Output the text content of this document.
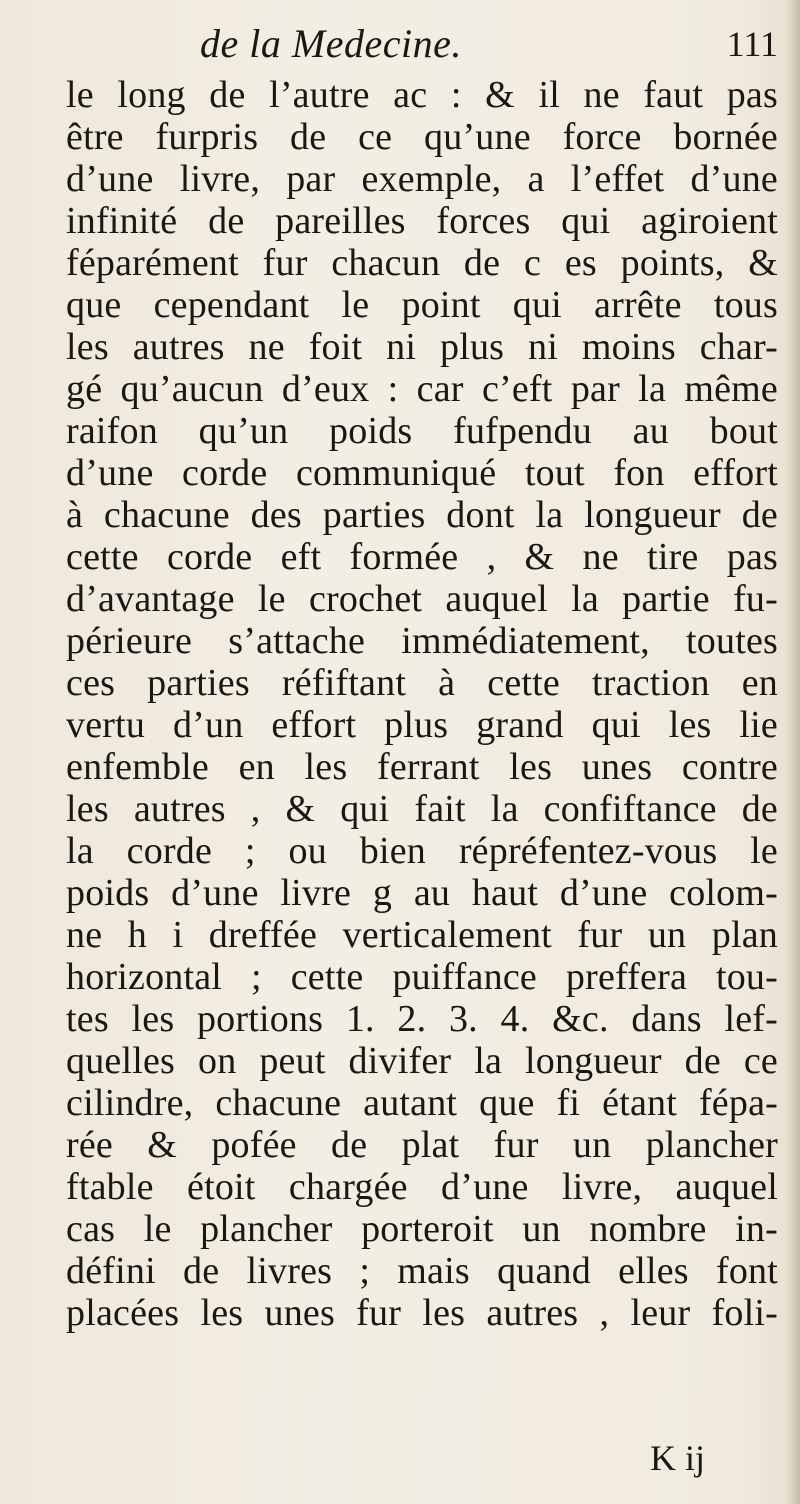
de la Medecine.	111
le long de l’autre ac : & il ne faut pas
être furpris de ce qu’une force bornée
d’une livre, par exemple, a l’effet d’une
infinité de pareilles forces qui agiroient
féparément fur chacun de c es points, &
que cependant le point qui arrête tous
les autres ne foit ni plus ni moins char-
gé qu’aucun d’eux : car c’eft par la même
raifon qu’un poids fufpendu au bout
d’une corde communiqué tout fon effort
à chacune des parties dont la longueur de
cette corde eft formée , & ne tire pas
d’avantage le crochet auquel la partie fu-
périeure s’attache immédiatement, toutes
ces parties réfiftant à cette traction en
vertu d’un effort plus grand qui les lie
enfemble en les ferrant les unes contre
les autres , & qui fait la confiftance de
la corde ; ou bien répréfentez-vous le
poids d’une livre g au haut d’une colom-
ne h i dreffée verticalement fur un plan
horizontal ; cette puiffance preffera tou-
tes les portions 1. 2. 3. 4. &c. dans lef-
quelles on peut divifer la longueur de ce
cilindre, chacune autant que fi étant fépa-
rée & pofée de plat fur un plancher
ftable étoit chargée d’une livre, auquel
cas le plancher porteroit un nombre in-
défini de livres ; mais quand elles font
placées les unes fur les autres , leur foli-
K ij
